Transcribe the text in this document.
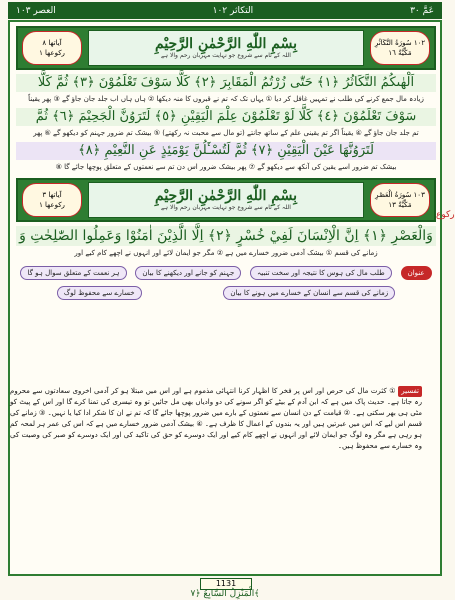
العصر ١٠٣	التكاثر ١٠٢	عَمَّ ٣٠
آیاتھا ٨
رکوعھا ١
بِسْمِ اللّٰهِ الرَّحْمٰنِ الرَّحِيْمِ
اللہ کے نام سے شروع جو نہایت مہربان رحم والا ہے
١٠٢ سُورَةُ التَّكَاثُرِ
مَكِّيَّةٌ ١٦
اَلْهٰىكُمُ التَّكَاثُرُ ﴿١﴾ حَتّٰى زُرْتُمُ الْمَقَابِرَ ﴿٢﴾ كَلَّا سَوْفَ تَعْلَمُوْنَ ﴿٣﴾ ثُمَّ كَلَّا
زیادہ مال جمع کرنے کی طلب نے تمہیں غافل کر دیا ① یہاں تک کہ تم نے قبروں کا منہ دیکھا ② ہاں ہاں اب جلد جان جاؤ گے ③ پھر یقیناً
سَوْفَ تَعْلَمُوْنَ ﴿٤﴾ كَلَّا لَوْ تَعْلَمُوْنَ عِلْمَ الْيَقِيْنِ ﴿٥﴾ لَتَرَوُنَّ الْجَحِيْمَ ﴿٦﴾ ثُمَّ
تم جلد جان جاؤ گے ④ یقیناً اگر تم یقینی علم کے ساتھ جانتے (تو مال سے محبت نہ رکھتے) ⑤ بیشک تم ضرور جہنم کو دیکھو گے ⑥ پھر
لَتَرَوُنَّهَا عَيْنَ الْيَقِيْنِ ﴿٧﴾ ثُمَّ لَتُسْـَٔلُنَّ يَوْمَئِذٍ عَنِ النَّعِيْمِ ﴿٨﴾
بیشک تم ضرور اسے یقین کی آنکھ سے دیکھو گے ⑦ پھر بیشک ضرور اس دن تم سے نعمتوں کے متعلق پوچھا جائے گا ⑧
آیاتھا ٣
رکوعھا ١
بِسْمِ اللّٰهِ الرَّحْمٰنِ الرَّحِيْمِ
اللہ کے نام سے شروع جو نہایت مہربان رحم والا ہے
١٠٣ سُورَةُ الْعَصْرِ
مَكِّيَّةٌ ١٣
وَالْعَصْرِ ﴿١﴾ اِنَّ الْاِنْسَانَ لَفِيْ خُسْرٍ ﴿٢﴾ اِلَّا الَّذِيْنَ اٰمَنُوْا وَعَمِلُوا الصّٰلِحٰتِ وَ
زمانے کی قسم ① بیشک آدمی ضرور خسارے میں ہے ② مگر جو ایمان لائے اور انہوں نے اچھے کام کیے اور
عنوان
طلب مال کی ہوس کا نتیجہ اور سخت تنبیہ
جہنم کو جانے اور دیکھنے کا بیان
ہر نعمت کے متعلق سوال ہو گا
زمانے کی قسم سے انسان کے خسارے میں ہونے کا بیان
خسارے سے محفوظ لوگ
رکوع
تفسیر ① کثرت مال کی حرص اور اس پر فخر کا اظہار کرنا انتہائی مذموم ہے اور اس میں مبتلا ہو کر آدمی اخروی سعادتوں سے محروم رہ جاتا ہے۔ حدیث پاک میں ہے کہ ابن آدم کے بیٹے کو اگر سونے کی دو وادیاں بھی مل جائیں تو وہ تیسری کی تمنا کرے گا اور اس کے پیٹ کو مٹی ہی بھر سکتی ہے۔ ② قیامت کے دن انسان سے نعمتوں کے بارے میں ضرور پوچھا جائے گا کہ تم نے ان کا شکر ادا کیا یا نہیں۔ ③ زمانے کی قسم اس لیے کہ اس میں عبرتیں ہیں اور یہ بندوں کے اعمال کا ظرف ہے۔ ④ بیشک آدمی ضرور خسارے میں ہے کہ اس کی عمر ہر لمحہ کم ہو رہی ہے مگر وہ لوگ جو ایمان لائے اور انہوں نے اچھے کام کیے اور ایک دوسرے کو حق کی تاکید کی اور ایک دوسرے کو صبر کی وصیت کی وہ خسارے سے محفوظ ہیں۔
1131
الْمَنْزِلُ السَّابِعُ ﴿٧﴾
